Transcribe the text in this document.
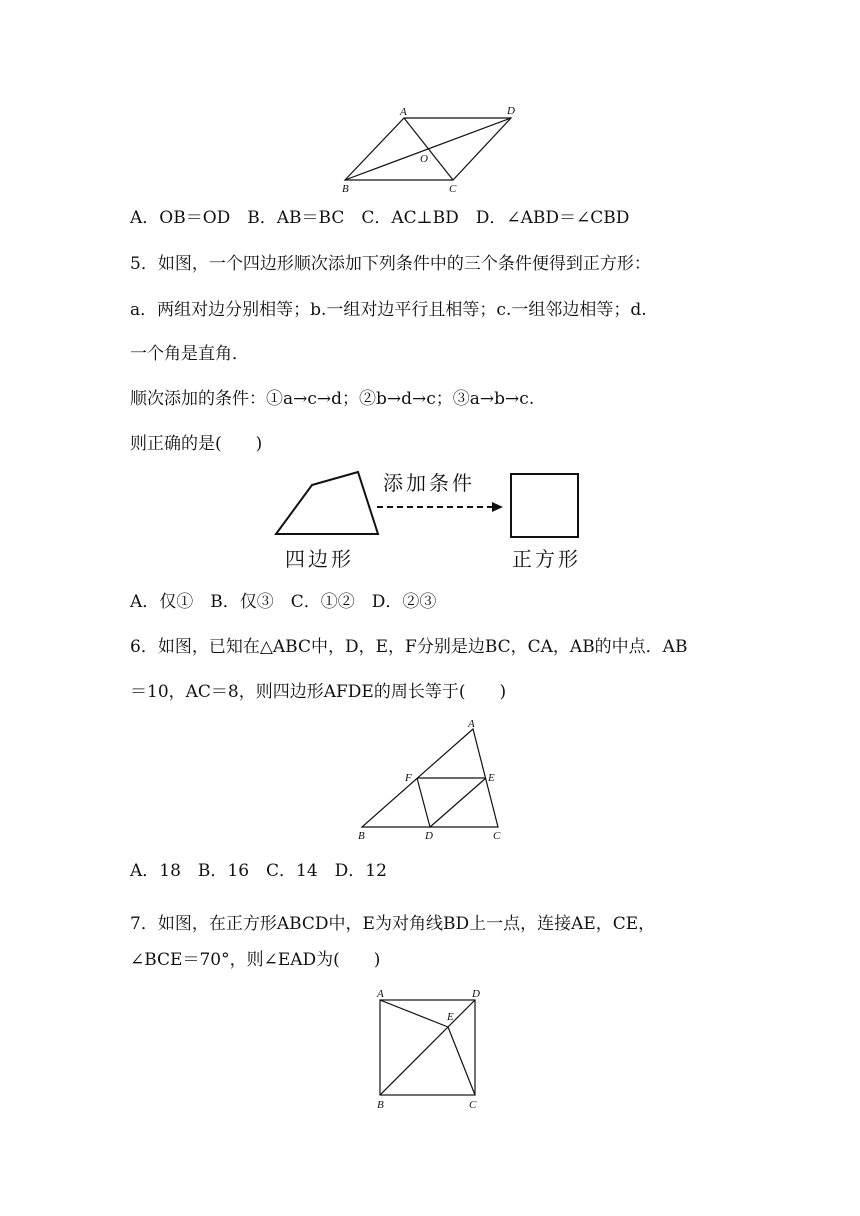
A	D
O
B	C
A．OB＝OD　B．AB＝BC　C．AC⊥BD　D．∠ABD＝∠CBD
5．如图，一个四边形顺次添加下列条件中的三个条件便得到正方形：
a．两组对边分别相等；b.一组对边平行且相等；c.一组邻边相等；d.
一个角是直角．
顺次添加的条件：①a→c→d；②b→d→c；③a→b→c.
则正确的是(　　)
添加条件
四边形	正方形
A．仅①　B．仅③　C．①②　D．②③
6．如图，已知在△ABC中，D，E，F分别是边BC，CA，AB的中点．AB
＝10，AC＝8，则四边形AFDE的周长等于(　　)
A
F	E
B	D	C
A．18　B．16　C．14　D．12
7．如图，在正方形ABCD中，E为对角线BD上一点，连接AE，CE，
∠BCE＝70°，则∠EAD为(　　)
A	D
E
B	C
